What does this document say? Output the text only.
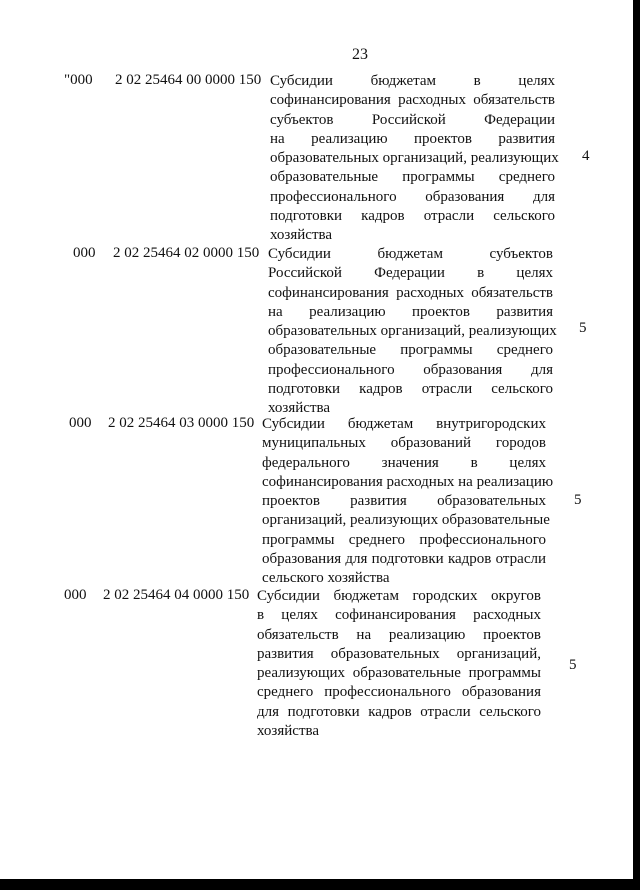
23
"000 2 02 25464 00 0000 150 Субсидии бюджетам в целях
софинансирования расходных обязательств
субъектов Российской Федерации
на реализацию проектов развития
образовательных организаций, реализующих
образовательные программы среднего
профессионального образования для
подготовки кадров отрасли сельского
хозяйства
4
000 2 02 25464 02 0000 150 Субсидии бюджетам субъектов
Российской Федерации в целях
софинансирования расходных обязательств
на реализацию проектов развития
образовательных организаций, реализующих
образовательные программы среднего
профессионального образования для
подготовки кадров отрасли сельского
хозяйства
5
000 2 02 25464 03 0000 150 Субсидии бюджетам внутригородских
муниципальных образований городов
федерального значения в целях
софинансирования расходных на реализацию
проектов развития образовательных
организаций, реализующих образовательные
программы среднего профессионального
образования для подготовки кадров отрасли
сельского хозяйства
5
000 2 02 25464 04 0000 150 Субсидии бюджетам городских округов
в целях софинансирования расходных
обязательств на реализацию проектов
развития образовательных организаций,
реализующих образовательные программы
среднего профессионального образования
для подготовки кадров отрасли сельского
хозяйства
5
